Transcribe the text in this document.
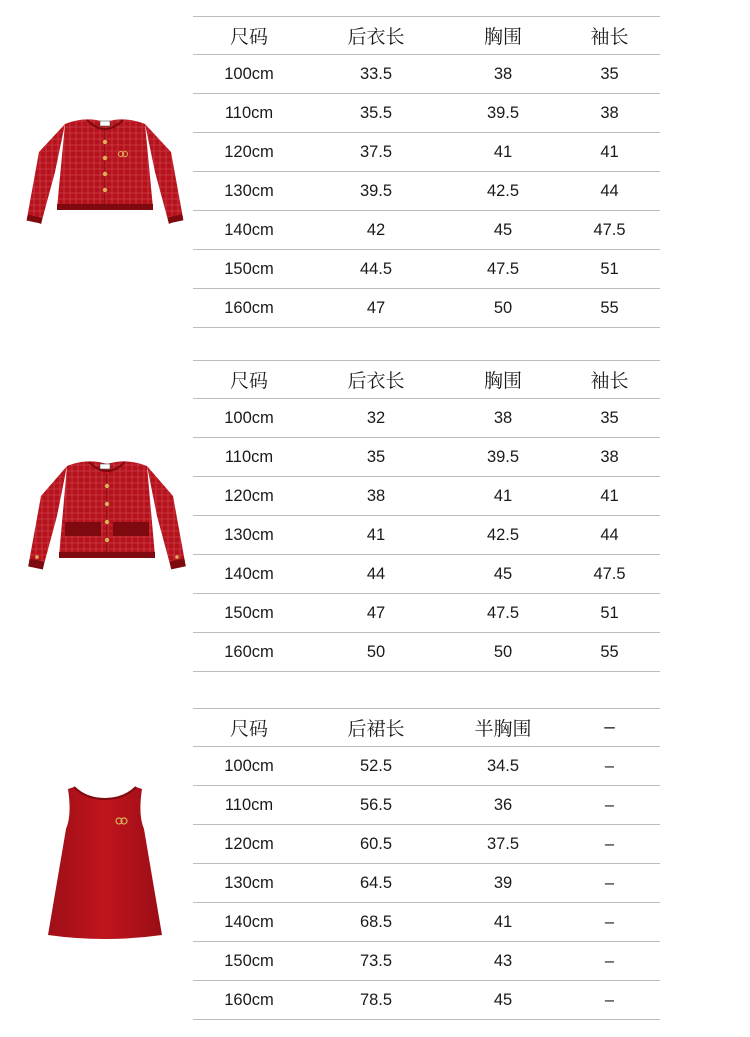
尺码	后衣长	胸围	袖长
100cm	33.5	38	35
110cm	35.5	39.5	38
120cm	37.5	41	41
130cm	39.5	42.5	44
140cm	42	45	47.5
150cm	44.5	47.5	51
160cm	47	50	55
尺码	后衣长	胸围	袖长
100cm	32	38	35
110cm	35	39.5	38
120cm	38	41	41
130cm	41	42.5	44
140cm	44	45	47.5
150cm	47	47.5	51
160cm	50	50	55
尺码	后裙长	半胸围	–
100cm	52.5	34.5	–
110cm	56.5	36	–
120cm	60.5	37.5	–
130cm	64.5	39	–
140cm	68.5	41	–
150cm	73.5	43	–
160cm	78.5	45	–
